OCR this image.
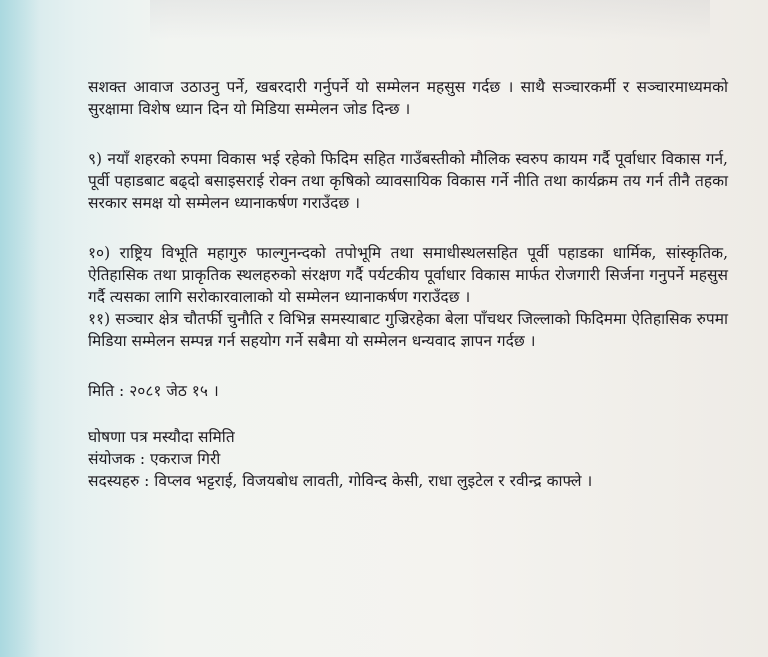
सशक्त आवाज उठाउनु पर्ने, खबरदारी गर्नुपर्ने यो सम्मेलन महसुस गर्दछ । साथै सञ्चारकर्मी र सञ्चारमाध्यमको सुरक्षामा विशेष ध्यान दिन यो मिडिया सम्मेलन जोड दिन्छ ।

९) नयाँ शहरको रुपमा विकास भई रहेको फिदिम सहित गाउँबस्तीको मौलिक स्वरुप कायम गर्दै पूर्वाधार विकास गर्न, पूर्वी पहाडबाट बढ्दो बसाइसराई रोक्न तथा कृषिको व्यावसायिक विकास गर्ने नीति तथा कार्यक्रम तय गर्न तीनै तहका सरकार समक्ष यो सम्मेलन ध्यानाकर्षण गराउँदछ ।

१०) राष्ट्रिय विभूति महागुरु फाल्गुनन्दको तपोभूमि तथा समाधीस्थलसहित पूर्वी पहाडका धार्मिक, सांस्कृतिक, ऐतिहासिक तथा प्राकृतिक स्थलहरुको संरक्षण गर्दै पर्यटकीय पूर्वाधार विकास मार्फत रोजगारी सिर्जना गनुपर्ने महसुस गर्दै त्यसका लागि सरोकारवालाको यो सम्मेलन ध्यानाकर्षण गराउँदछ ।

११) सञ्चार क्षेत्र चौतर्फी चुनौति र विभिन्न समस्याबाट गुज्रिरहेका बेला पाँचथर जिल्लाको फिदिममा ऐतिहासिक रुपमा मिडिया सम्मेलन सम्पन्न गर्न सहयोग गर्ने सबैमा यो सम्मेलन धन्यवाद ज्ञापन गर्दछ ।

मिति : २०८१ जेठ १५ ।

घोषणा पत्र मस्यौदा समिति

संयोजक : एकराज गिरी

सदस्यहरु : विप्लव भट्टराई, विजयबोध लावती, गोविन्द केसी, राधा लुइटेल र रवीन्द्र काफ्ले ।
